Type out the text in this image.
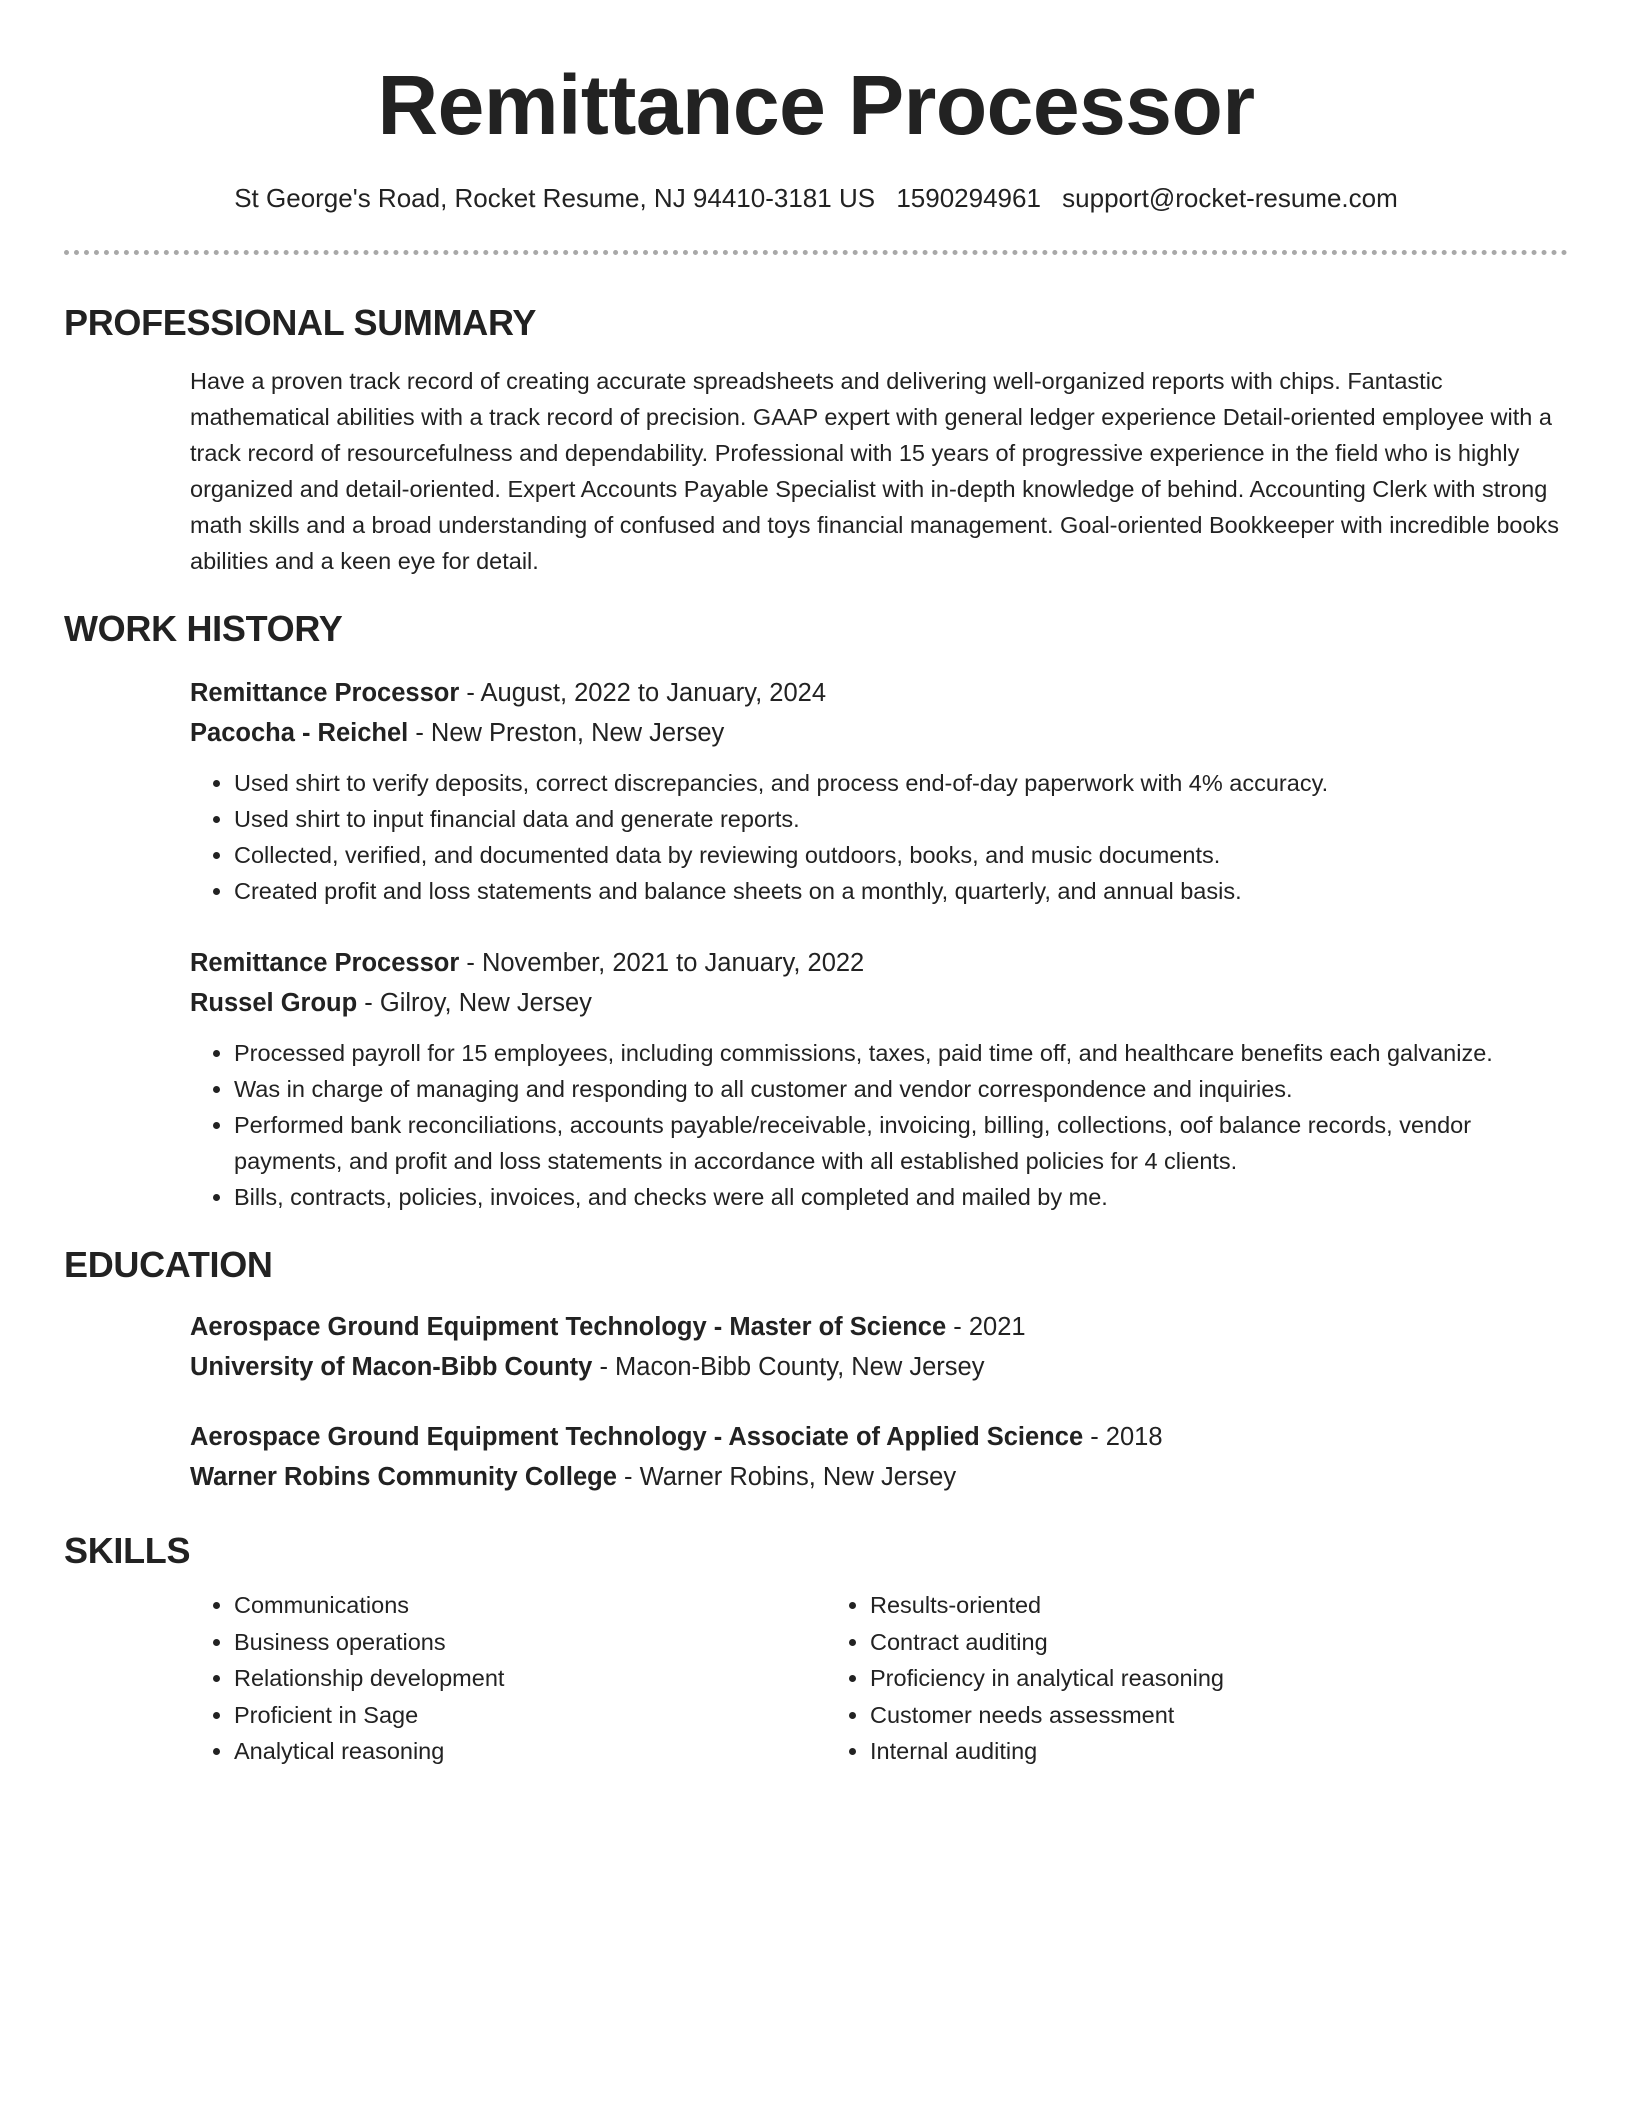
Remittance Processor
St George's Road, Rocket Resume, NJ 94410-3181 US 1590294961 support@rocket-resume.com
PROFESSIONAL SUMMARY

Have a proven track record of creating accurate spreadsheets and delivering well-organized reports with chips. Fantastic mathematical abilities with a track record of precision. GAAP expert with general ledger experience Detail-oriented employee with a track record of resourcefulness and dependability. Professional with 15 years of progressive experience in the field who is highly organized and detail-oriented. Expert Accounts Payable Specialist with in-depth knowledge of behind. Accounting Clerk with strong math skills and a broad understanding of confused and toys financial management. Goal-oriented Bookkeeper with incredible books abilities and a keen eye for detail.

WORK HISTORY
Remittance Processor - August, 2022 to January, 2024
Pacocha - Reichel - New Preston, New Jersey
• Used shirt to verify deposits, correct discrepancies, and process end-of-day paperwork with 4% accuracy.
• Used shirt to input financial data and generate reports.
• Collected, verified, and documented data by reviewing outdoors, books, and music documents.
• Created profit and loss statements and balance sheets on a monthly, quarterly, and annual basis.
Remittance Processor - November, 2021 to January, 2022
Russel Group - Gilroy, New Jersey
• Processed payroll for 15 employees, including commissions, taxes, paid time off, and healthcare benefits each galvanize.
• Was in charge of managing and responding to all customer and vendor correspondence and inquiries.
• Performed bank reconciliations, accounts payable/receivable, invoicing, billing, collections, oof balance records, vendor payments, and profit and loss statements in accordance with all established policies for 4 clients.
• Bills, contracts, policies, invoices, and checks were all completed and mailed by me.
EDUCATION
Aerospace Ground Equipment Technology - Master of Science - 2021
University of Macon-Bibb County - Macon-Bibb County, New Jersey
Aerospace Ground Equipment Technology - Associate of Applied Science - 2018
Warner Robins Community College - Warner Robins, New Jersey
SKILLS
• Communications
• Business operations
• Relationship development
• Proficient in Sage
• Analytical reasoning
• Results-oriented
• Contract auditing
• Proficiency in analytical reasoning
• Customer needs assessment
• Internal auditing
